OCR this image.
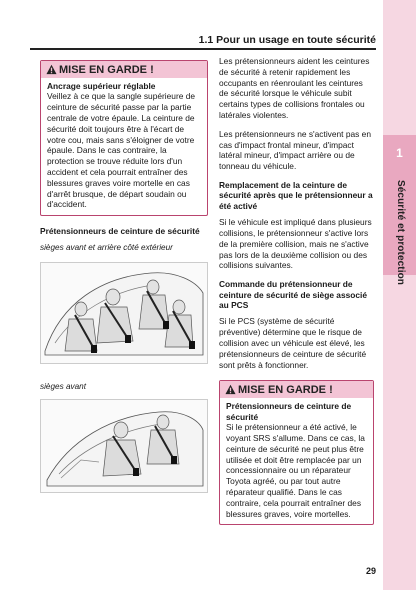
1.1 Pour un usage en toute sécurité
1
Sécurité et protection
MISE EN GARDE !
Ancrage supérieur réglable
Veillez à ce que la sangle supérieure de ceinture de sécurité passe par la partie centrale de votre épaule. La ceinture de sécurité doit toujours être à l'écart de votre cou, mais sans s'éloigner de votre épaule. Dans le cas contraire, la protection se trouve réduite lors d'un accident et cela pourrait entraîner des blessures graves voire mortelle en cas d'arrêt brusque, de départ soudain ou d'accident.
Prétensionneurs de ceinture de sécurité
sièges avant et arrière côté extérieur
sièges avant
Les prétensionneurs aident les ceintures de sécurité à retenir rapidement les occupants en réenroulant les ceintures de sécurité lorsque le véhicule subit certains types de collisions frontales ou latérales violentes.
Les prétensionneurs ne s'activent pas en cas d'impact frontal mineur, d'impact latéral mineur, d'impact arrière ou de tonneau du véhicule.
Remplacement de la ceinture de sécurité après que le prétensionneur a été activé
Si le véhicule est impliqué dans plusieurs collisions, le prétensionneur s'active lors de la première collision, mais ne s'active pas lors de la deuxième collision ou des collisions suivantes.
Commande du prétensionneur de ceinture de sécurité de siège associé au PCS
Si le PCS (système de sécurité préventive) détermine que le risque de collision avec un véhicule est élevé, les prétensionneurs de ceinture de sécurité sont prêts à fonctionner.
MISE EN GARDE !
Prétensionneurs de ceinture de sécurité
Si le prétensionneur a été activé, le voyant SRS s'allume. Dans ce cas, la ceinture de sécurité ne peut plus être utilisée et doit être remplacée par un concessionnaire ou un réparateur Toyota agréé, ou par tout autre réparateur qualifié. Dans le cas contraire, cela pourrait entraîner des blessures graves, voire mortelles.
29
